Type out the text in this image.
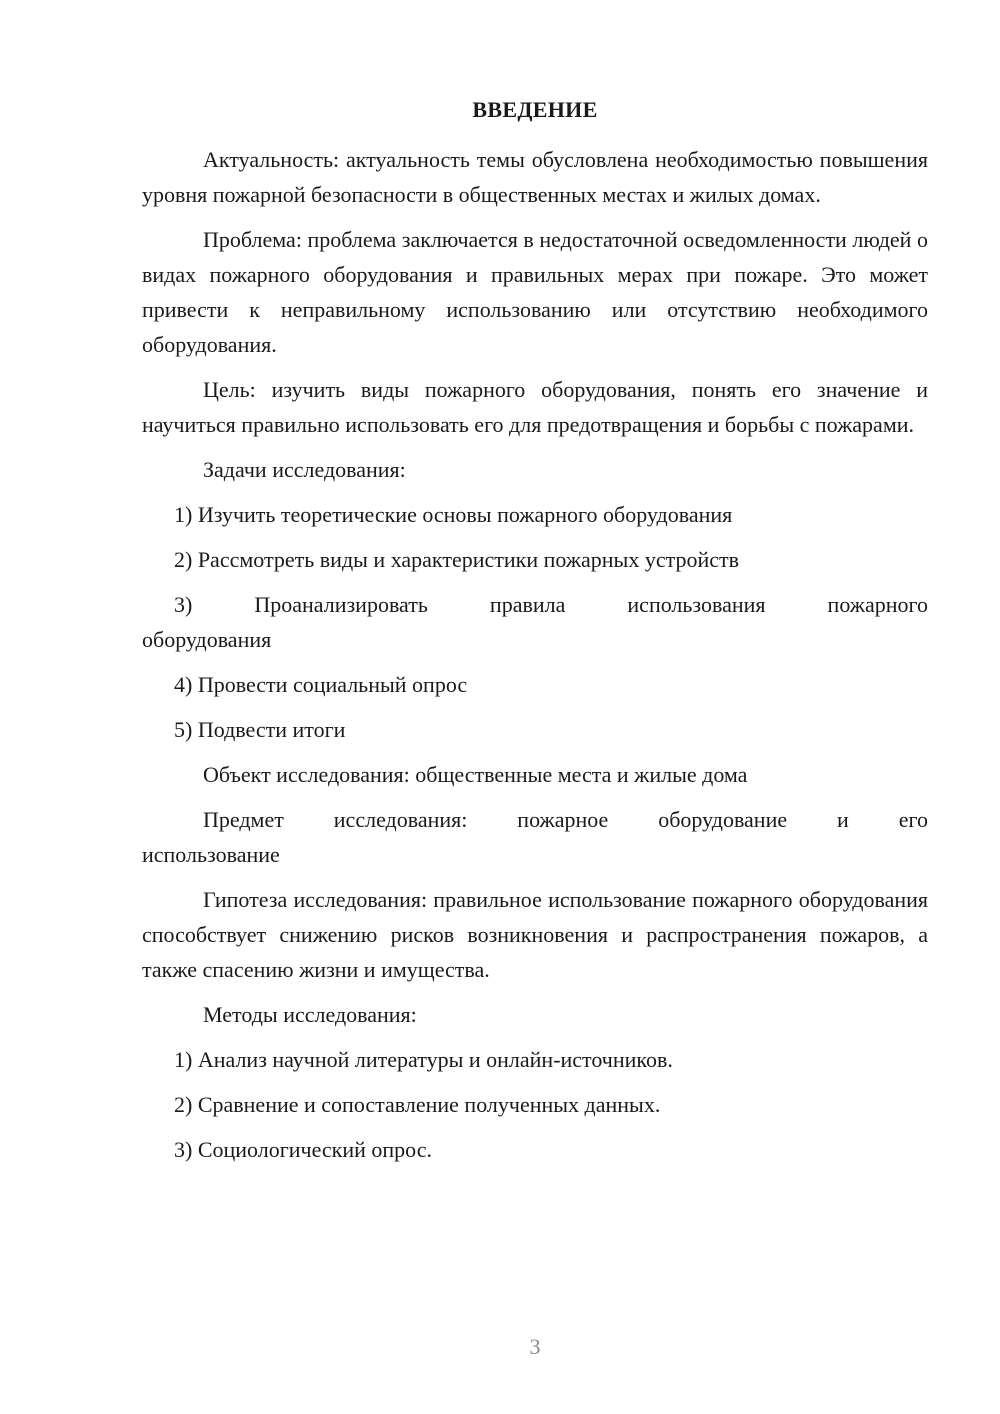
ВВЕДЕНИЕ

Актуальность: актуальность темы обусловлена необходимостью повышения уровня пожарной безопасности в общественных местах и жилых домах.

Проблема: проблема заключается в недостаточной осведомленности людей о видах пожарного оборудования и правильных мерах при пожаре. Это может привести к неправильному использованию или отсутствию необходимого оборудования.

Цель: изучить виды пожарного оборудования, понять его значение и научиться правильно использовать его для предотвращения и борьбы с пожарами.

Задачи исследования:

1) Изучить теоретические основы пожарного оборудования

2) Рассмотреть виды и характеристики пожарных устройств

3) Проанализировать правила использования пожарного

оборудования

4) Провести социальный опрос

5) Подвести итоги

Объект исследования: общественные места и жилые дома

Предмет исследования: пожарное оборудование и его

использование

Гипотеза исследования: правильное использование пожарного оборудования способствует снижению рисков возникновения и распространения пожаров, а также спасению жизни и имущества.

Методы исследования:

1) Анализ научной литературы и онлайн-источников.

2) Сравнение и сопоставление полученных данных.

3) Социологический опрос.

3
